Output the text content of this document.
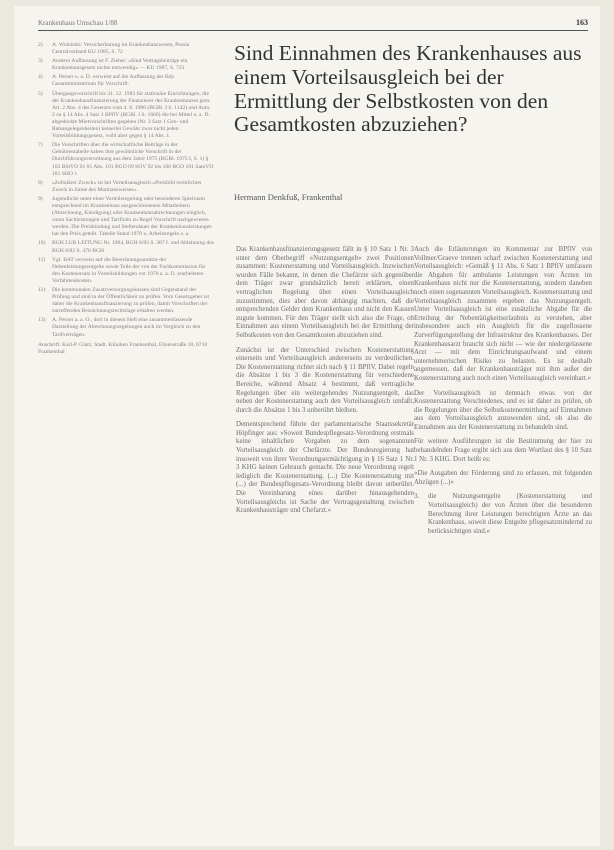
Krankenhaus Umschau 1/88	163
2) A. Wolnitzki: Versicherbarung im Krankenhauswesen, Praxis Centralverband KU 1985, S. 72
3) Anderer Auffassung ist F. Zieher: »Sind Vertragsbeiträge ein Krankenhausgesetz nichts notwendig« — KU 1987, S. 723
4) A. Perner u. a. D. verweist auf die Auffassung der Bdy. Gesamtministerium für Vorschrift.
5) Übergangsvorschrift bis 31. 12. 1983 für stationäre Einrichtungen, die der Krankenhausfinanzierung der Finanzierer des Krankenhauses gem. Art. 2 Abs. 4 des Gesetzes vom 4. 8. 1980 (BGBl. I S. 1142) und Anm. 2 zu § 14 Abs. 4 Satz 1 BPflV (BGBl. I S. 1666) die bei Mittel u. a. D. abgedeckte Mietvorschriften gegeben (Nr. 3 Satz 1 Gen- und Ratsangelegenheiten) keinerlei Gewähr zwar nicht jeden Vorteilsbildungsgesetz, wohl aber gegen § 14 Abs. 1.
7) Die Vorschriften über die wirtschaftliche Beiträge in der Gebührentabelle haben ihre gewöhnliche Vorschrift in der Durchführungsverordnung aus dem Jahre 1975 (BGBl. 1975 I, S. 1) § 102 BStVO 01 01 Abs. 101 BGO 69 SOV 92 bis 100 BGO 101 SamVO 181 SHO 1
8) »Zellulärer Zweck« ist bei Vorteilsausgleich »Preisbild rechtlichen Zweck in Sinne des Marktausweises«.
9) Jugendliche unter einer Vorteilsregelung oder besonderen Spielraum entsprechend im Krankenhaus ausgeschlossenen Mitarbeitern (Abrechnung, Kündigung) oder Krankenhausabrechnungen möglich, wenn Sachleistungen und Tariflohn zu Regel Vorschrift nachgewiesen werden. Die Preisbindung und Stellendauer der Krankenhausleistungen hat den Preis geteilt. Tabelle Stand 1970 u. Arbeitsregeln s. a.
10) BGH LUB LEITUNG Nr. 1984, BGH 8/83 S. 387 f. und Ablehnung des BGH 8/82 S. 478 BGH
11) Vgl. BAT verweist auf die Berechnungsansätze der Nebenleistungsentgelte sowie Teile der von der Fachkommission für den Kostenersatz in Vorteilsbildungen vor 1978 a. a. O. erarbeiteten Verfahrenskosten.
12) Die kommunalen Zusatzversorgungskassen sind Gegenstand der Prüfung und sind in der Öffentlichkeit zu prüfen. Vom Gesetzgeber ist daher die Krankenhausfinanzierung zu prüfen, damit Vorschriften der zutreffenden Bezeichnungsrechtslage erhalten werden.
13) A. Perner a. a. O., dort in diesem Heft eine zusammenfassende Darstellung der Abrechnungsregelungen auch im Vergleich zu den Tarifverträgen.
Anschrift: Karl-P. Glatz, Stadt. Kliniken Frankenthal, Elisenstraße 18, 6710 Frankenthal
Sind Einnahmen des Krankenhauses aus einem Vorteilsausgleich bei der Ermittlung der Selbstkosten von den Gesamtkosten abzuziehen?
Hermann Denkfuß, Frankenthal

Das Krankenhausfinanzierungsgesetz fällt in § 10 Satz 1 Nr. 3 unter dem Oberbegriff »Nutzungsentgelt« zwei Positionen zusammen: Kostenerstattung und Vorteilsausgleich. Inzwischen wurden Fälle bekannt, in denen die Chefärzte sich gegenüber dem Träger zwar grundsätzlich bereit erklärten, einen vertraglichen Regelung über einen Vorteilsausgleich zuzustimmen, dies aber davon abhängig machten, daß die entsprechenden Gelder dem Krankenhaus und nicht den Kassen zugute kommen. Für den Träger stellt sich also die Frage, ob Einnahmen aus einem Vorteilsausgleich bei der Ermittlung der Selbstkosten von den Gesamtkosten abzuziehen sind.

Zunächst ist der Unterschied zwischen Kostenerstattung einerseits und Vorteilsausgleich andererseits zu verdeutlichen. Die Kostenerstattung richtet sich nach § 11 BPflV. Dabei regeln die Absätze 1 bis 3 die Kostenerstattung für verschiedene Bereiche, während Absatz 4 bestimmt, daß vertragliche Regelungen über ein weitergehendes Nutzungsentgelt, das neben der Kostenerstattung auch den Vorteilsausgleich umfaßt, durch die Absätze 1 bis 3 unberührt bleiben.

Dementsprechend führte der parlamentarische Staatssekretär Höpfinger aus: »Soweit Bundespflegesatz-Verordnung erstmals keine inhaltlichen Vorgaben zu dem sogenannten Vorteilsausgleich der Chefärzte. Der Bundesregierung hat insoweit von ihrer Verordnungsermächtigung in § 16 Satz 1 Nr. 3 KHG keinen Gebrauch gemacht. Die neue Verordnung regelt lediglich die Kostenerstattung. (...) Die Kostenerstattung mit (...) der Bundespflegesatz-Verordnung bleibt davon unberührt. Die Vereinbarung eines darüber hinausgehenden Vorteilsausgleichs ist Sache der Vertragsgestaltung zwischen Krankenhausträger und Chefarzt.«

Auch die Erläuterungen im Kommentar zur BPflV von Vollmer/Graeve trennen scharf zwischen Kostenerstattung und Vorteilsausgleich: »Gemäß § 11 Abs. 6 Satz 1 BPflV umfassen die Abgaben für ambulante Leistungen von Ärzten im Krankenhaus nicht nur die Kostenerstattung, sondern daneben noch einen sogenannten Vorteilsausgleich. Kostenerstattung und Vorteilsausgleich zusammen ergeben das Nutzungsentgelt. Unter Vorteilsausgleich ist eine zusätzliche Abgabe für die Erteilung der Nebentätigkeitserlaubnis zu verstehen, aber insbesondere auch ein Ausgleich für die zugeflossene Zurverfügungstellung der Infrastruktur des Krankenhauses. Der Krankenhausarzt braucht sich nicht — wie der niedergelassene Arzt — mit dem Einrichtungsaufwand und einem unternehmerischen Risiko zu belasten. Es ist deshalb angemessen, daß der Krankenhausträger mit ihm außer der Kostenerstattung auch noch einen Vorteilsausgleich vereinbart.«

Der Vorteilsausgleich ist demnach etwas von der Kostenerstattung Verschiedenes, und es ist daher zu prüfen, ob die Regelungen über die Selbstkostenermittlung auf Einnahmen aus dem Vorteilsausgleich anzuwenden sind, ob also die Einnahmen aus der Kostenerstattung zu behandeln sind.

Für weitere Ausführungen ist die Bestimmung der hier zu behandelnden Frage ergibt sich aus dem Wortlaut des § 10 Satz 1 Nr. 3 KHG. Dort heißt es:

»Die Ausgaben der Förderung sind zu erfassen, mit folgenden Abzügen (...)«

3. die Nutzungsentgelte (Kostenerstattung und Vorteilsausgleich) der von Ärzten über die besonderen Berechnung ihrer Leistungen berechtigten Ärzte an das Krankenhaus, soweit diese Entgelte pflegesatzmindernd zu berücksichtigen sind.«
